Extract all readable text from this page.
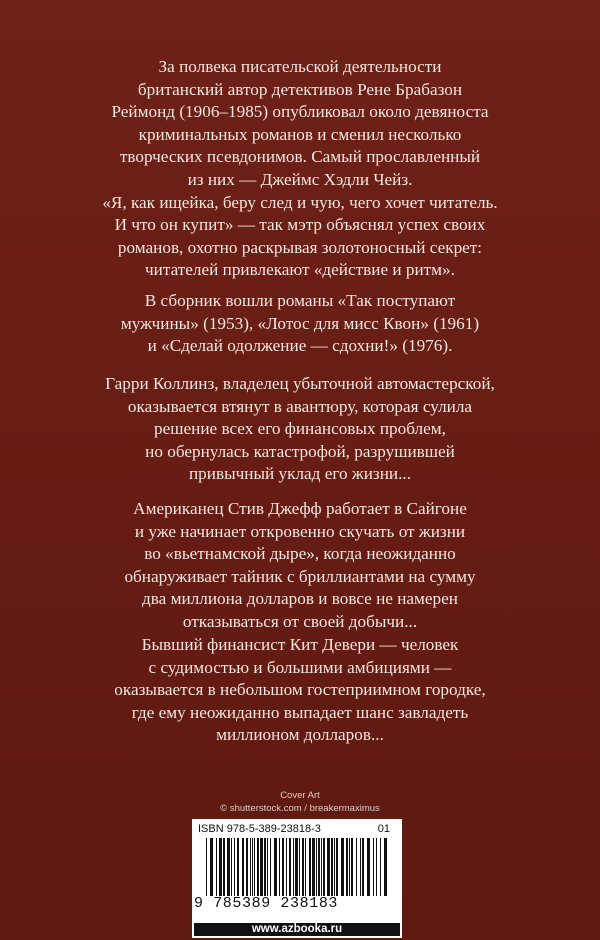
За полвека писательской деятельности
британский автор детективов Рене Брабазон
Реймонд (1906–1985) опубликовал около девяноста
криминальных романов и сменил несколько
творческих псевдонимов. Самый прославленный
из них — Джеймс Хэдли Чейз.
«Я, как ищейка, беру след и чую, чего хочет читатель.
И что он купит» — так мэтр объяснял успех своих
романов, охотно раскрывая золотоносный секрет:
читателей привлекают «действие и ритм».
В сборник вошли романы «Так поступают
мужчины» (1953), «Лотос для мисс Квон» (1961)
и «Сделай одолжение — сдохни!» (1976).
Гарри Коллинз, владелец убыточной автомастерской,
оказывается втянут в авантюру, которая сулила
решение всех его финансовых проблем,
но обернулась катастрофой, разрушившей
привычный уклад его жизни...
Американец Стив Джефф работает в Сайгоне
и уже начинает откровенно скучать от жизни
во «вьетнамской дыре», когда неожиданно
обнаруживает тайник с бриллиантами на сумму
два миллиона долларов и вовсе не намерен
отказываться от своей добычи...
Бывший финансист Кит Девери — человек
с судимостью и большими амбициями —
оказывается в небольшом гостеприимном городке,
где ему неожиданно выпадает шанс завладеть
миллионом долларов...
Cover Art
© shutterstock.com / breakermaximus
ISBN 978-5-389-23818-3	01
9 785389 238183
www.azbooka.ru
